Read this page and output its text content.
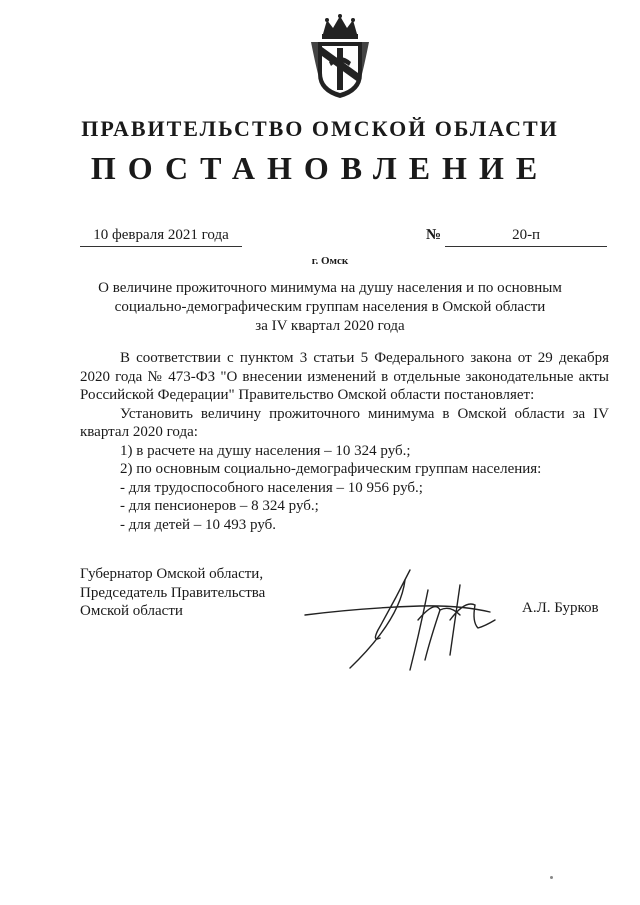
ПРАВИТЕЛЬСТВО ОМСКОЙ ОБЛАСТИ
ПОСТАНОВЛЕНИЕ
10 февраля 2021 года	№	20-п
г. Омск
О величине прожиточного минимума на душу населения и по основным
социально-демографическим группам населения в Омской области
за IV квартал 2020 года

В соответствии с пунктом 3 статьи 5 Федерального закона от 29 декабря 2020 года № 473-ФЗ "О внесении изменений в отдельные законодательные акты Российской Федерации" Правительство Омской области постановляет:

Установить величину прожиточного минимума в Омской области за IV квартал 2020 года:

1) в расчете на душу населения – 10 324 руб.;

2) по основным социально-демографическим группам населения:

- для трудоспособного населения – 10 956 руб.;

- для пенсионеров – 8 324 руб.;

- для детей – 10 493 руб.

Губернатор Омской области,
Председатель Правительства
Омской области	А.Л. Бурков
